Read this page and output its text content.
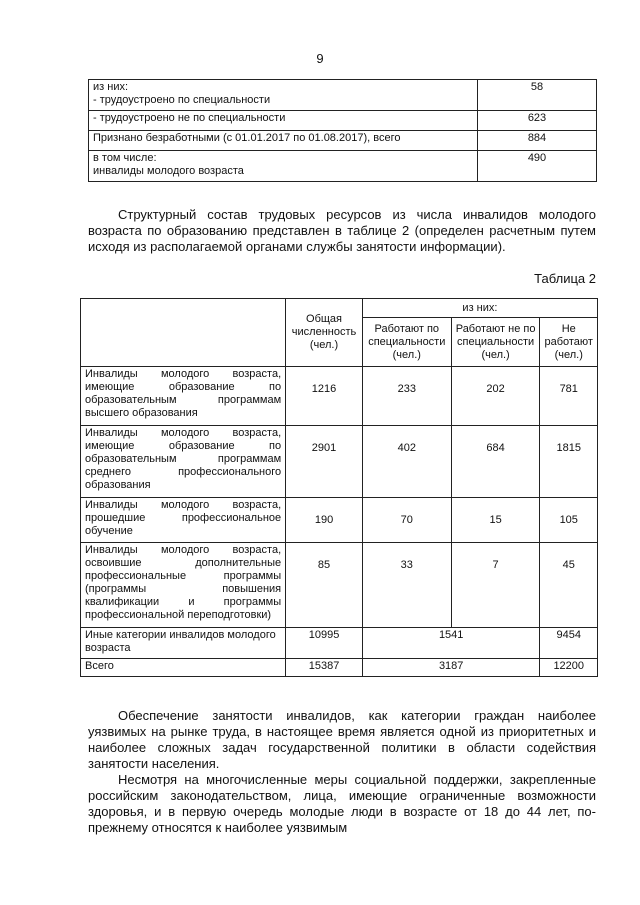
9
из них:
- трудоустроено по специальности	58
- трудоустроено не по специальности	623
Признано безработными (с 01.01.2017 по 01.08.2017), всего	884
в том числе:
инвалиды молодого возраста	490

Структурный состав трудовых ресурсов из числа инвалидов молодого возраста по образованию представлен в таблице 2 (определен расчетным путем исходя из располагаемой органами службы занятости информации).

Таблица 2
	Общая численность (чел.)	из них:		
		Работают по специальности (чел.)	Работают не по специальности (чел.)	Не работают (чел.)
Инвалиды молодого возраста, имеющие образование по образовательным программам высшего образования	1216	233	202	781
Инвалиды молодого возраста, имеющие образование по образовательным программам среднего профессионального образования	2901	402	684	1815
Инвалиды молодого возраста, прошедшие профессиональное обучение	190	70	15	105
Инвалиды молодого возраста, освоившие дополнительные профессиональные программы (программы повышения квалификации и программы профессиональной переподготовки)	85	33	7	45
Иные категории инвалидов молодого возраста	10995	1541		9454
Всего	15387	3187		12200

Обеспечение занятости инвалидов, как категории граждан наиболее уязвимых на рынке труда, в настоящее время является одной из приоритетных и наиболее сложных задач государственной политики в области содействия занятости населения.

Несмотря на многочисленные меры социальной поддержки, закрепленные российским законодательством, лица, имеющие ограниченные возможности здоровья, и в первую очередь молодые люди в возрасте от 18 до 44 лет, по-прежнему относятся к наиболее уязвимым
